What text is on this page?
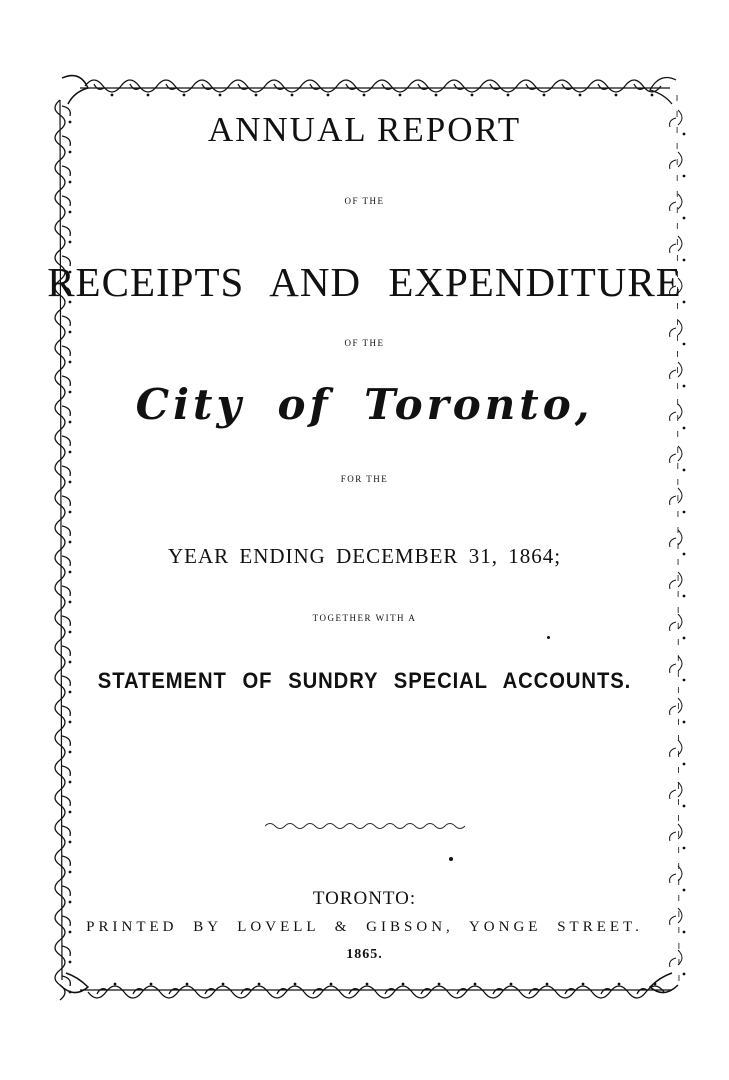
ANNUAL REPORT
OF THE
RECEIPTS AND EXPENDITURE
OF THE
City of Toronto,
FOR THE
YEAR ENDING DECEMBER 31, 1864;
TOGETHER WITH A
STATEMENT OF SUNDRY SPECIAL ACCOUNTS.
TORONTO:
PRINTED BY LOVELL & GIBSON, YONGE STREET.
1865.
